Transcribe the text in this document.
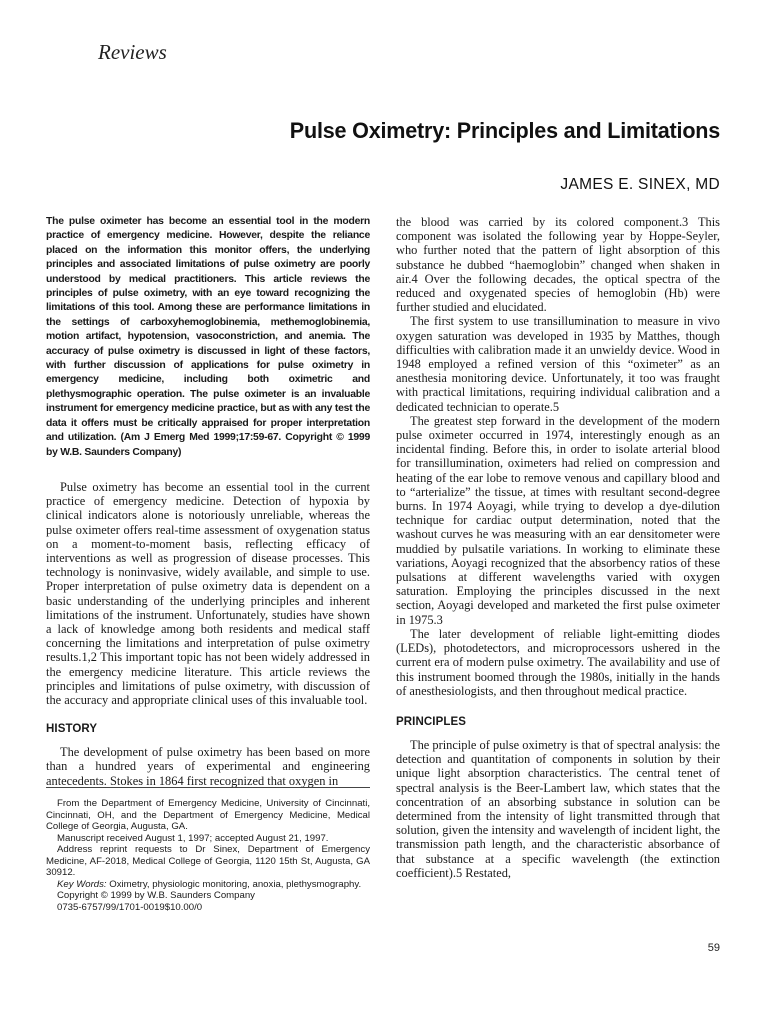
Reviews
Pulse Oximetry: Principles and Limitations
JAMES E. SINEX, MD

The pulse oximeter has become an essential tool in the modern practice of emergency medicine. However, despite the reliance placed on the information this monitor offers, the underlying principles and associated limitations of pulse oximetry are poorly understood by medical practitioners. This article reviews the principles of pulse oximetry, with an eye toward recognizing the limitations of this tool. Among these are performance limitations in the settings of carboxyhemoglobinemia, methemoglobinemia, motion artifact, hypotension, vasoconstriction, and anemia. The accuracy of pulse oximetry is discussed in light of these factors, with further discussion of applications for pulse oximetry in emergency medicine, including both oximetric and plethysmographic operation. The pulse oximeter is an invaluable instrument for emergency medicine practice, but as with any test the data it offers must be critically appraised for proper interpretation and utilization. (Am J Emerg Med 1999;17:59-67. Copyright © 1999 by W.B. Saunders Company)

Pulse oximetry has become an essential tool in the current practice of emergency medicine. Detection of hypoxia by clinical indicators alone is notoriously unreliable, whereas the pulse oximeter offers real-time assessment of oxygenation status on a moment-to-moment basis, reflecting efficacy of interventions as well as progression of disease processes. This technology is noninvasive, widely available, and simple to use. Proper interpretation of pulse oximetry data is dependent on a basic understanding of the underlying principles and inherent limitations of the instrument. Unfortunately, studies have shown a lack of knowledge among both residents and medical staff concerning the limitations and interpretation of pulse oximetry results.1,2 This important topic has not been widely addressed in the emergency medicine literature. This article reviews the principles and limitations of pulse oximetry, with discussion of the accuracy and appropriate clinical uses of this invaluable tool.

HISTORY

The development of pulse oximetry has been based on more than a hundred years of experimental and engineering antecedents. Stokes in 1864 first recognized that oxygen in

the blood was carried by its colored component.3 This component was isolated the following year by Hoppe-Seyler, who further noted that the pattern of light absorption of this substance he dubbed “haemoglobin” changed when shaken in air.4 Over the following decades, the optical spectra of the reduced and oxygenated species of hemoglobin (Hb) were further studied and elucidated.

The first system to use transillumination to measure in vivo oxygen saturation was developed in 1935 by Matthes, though difficulties with calibration made it an unwieldy device. Wood in 1948 employed a refined version of this “oximeter” as an anesthesia monitoring device. Unfortunately, it too was fraught with practical limitations, requiring individual calibration and a dedicated technician to operate.5

The greatest step forward in the development of the modern pulse oximeter occurred in 1974, interestingly enough as an incidental finding. Before this, in order to isolate arterial blood for transillumination, oximeters had relied on compression and heating of the ear lobe to remove venous and capillary blood and to “arterialize” the tissue, at times with resultant second-degree burns. In 1974 Aoyagi, while trying to develop a dye-dilution technique for cardiac output determination, noted that the washout curves he was measuring with an ear densitometer were muddied by pulsatile variations. In working to eliminate these variations, Aoyagi recognized that the absorbency ratios of these pulsations at different wavelengths varied with oxygen saturation. Employing the principles discussed in the next section, Aoyagi developed and marketed the first pulse oximeter in 1975.3

The later development of reliable light-emitting diodes (LEDs), photodetectors, and microprocessors ushered in the current era of modern pulse oximetry. The availability and use of this instrument boomed through the 1980s, initially in the hands of anesthesiologists, and then throughout medical practice.

PRINCIPLES

The principle of pulse oximetry is that of spectral analysis: the detection and quantitation of components in solution by their unique light absorption characteristics. The central tenet of spectral analysis is the Beer-Lambert law, which states that the concentration of an absorbing substance in solution can be determined from the intensity of light transmitted through that solution, given the intensity and wavelength of incident light, the transmission path length, and the characteristic absorbance of that substance at a specific wavelength (the extinction coefficient).5 Restated,

From the Department of Emergency Medicine, University of Cincinnati, Cincinnati, OH, and the Department of Emergency Medicine, Medical College of Georgia, Augusta, GA.

Manuscript received August 1, 1997; accepted August 21, 1997.

Address reprint requests to Dr Sinex, Department of Emergency Medicine, AF-2018, Medical College of Georgia, 1120 15th St, Augusta, GA 30912.

Key Words: Oximetry, physiologic monitoring, anoxia, plethysmography.

Copyright © 1999 by W.B. Saunders Company

0735-6757/99/1701-0019$10.00/0

59
